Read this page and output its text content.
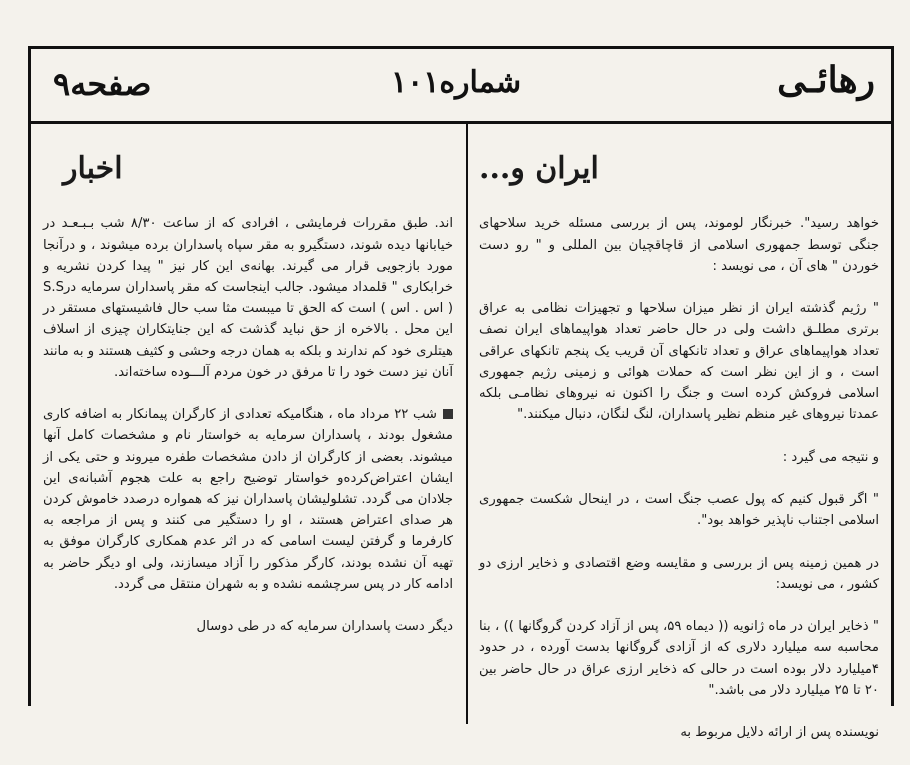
صفحه۹	شماره۱۰۱	رهائـی

اخبار

اند. طبق مقررات فرمایشی ، افرادی که از ساعت ۸/۳۰ شب بـبـعـد در خیابانها دیده شوند، دستگیرو به مقر سپاه پاسداران برده میشوند ، و درآنجا مورد بازجویی قرار می گیرند. بهانه‌ی این کار نیز " پیدا کردن نشریه و خرابکاری " قلمداد میشود. جالب اینجاست که مقر پاسداران سرمایه درS.S ( اس . اس ) است که الحق تا میبست مثا سب حال فاشیستهای مستقر در این محل . بالاخره از حق نباید گذشت که این جنایتکاران چیزی از اسلاف هیتلری خود کم ندارند و بلکه به همان درجه وحشی و کثیف هستند و به مانند آنان نیز دست خود را تا مرفق در خون مردم آلـــوده ساخته‌اند.

شب ۲۲ مرداد ماه ، هنگامیکه تعدادی از کارگران پیمانکار به اضافه کاری مشغول بودند ، پاسداران سرمایه به خواستار نام و مشخصات کامل آنها میشوند. بعضی از کارگران از دادن مشخصات طفره میروند و حتی یکی از ایشان اعتراض‌کرده‌و خواستار توضیح راجع به علت هجوم آشبانه‌ی این جلادان می گردد. تشلولیشان پاسداران نیز که همواره درصدد خاموش کردن هر صدای اعتراض هستند ، او را دستگیر می کنند و پس از مراجعه به کارفرما و گرفتن لیست اسامی که در اثر عدم همکاری کارگران موفق به تهیه آن نشده بودند، کارگر مذکور را آزاد میسازند، ولی او دیگر حاضر به ادامه کار در پس سرچشمه نشده و به شهران منتقل می گردد.

دیگر دست پاسداران سرمایه که در طی دوسال

ایران و...

خواهد رسید". خبرنگار لوموند، پس از بررسی مسئله خرید سلاحهای جنگی توسط جمهوری اسلامی از قاچاقچیان بین المللی و " رو دست خوردن " های آن ، می نویسد :

" رژیم گذشته ایران از نظر میزان سلاحها و تجهیزات نظامی به عراق برتری مطلـق داشت ولی در حال حاضر تعداد هواپیماهای ایران نصف تعداد هواپیماهای عراق و تعداد تانکهای آن قریب یک پنجم تانکهای عراقی است ، و از این نظر است که حملات هوائی و زمینی رژیم جمهوری اسلامی فروکش کرده است و جنگ را اکنون نه نیروهای نظامـی بلکه عمدتا نیروهای غیر منظم نظیر پاسداران، لنگ لنگان، دنبال میکنند."

و نتیجه می گیرد :

" اگر قبول کنیم که پول عصب جنگ است ، در اینحال شکست جمهوری اسلامی اجتناب ناپذیر خواهد بود".

در همین زمینه پس از بررسی و مقایسه وضع اقتصادی و ذخایر ارزی دو کشور ، می نویسد:

" ذخایر ایران در ماه ژانویه (( دیماه ۵۹، پس از آزاد کردن گروگانها )) ، بنا محاسبه سه میلیارد دلاری که از آزادی گروگانها بدست آورده ، در حدود ۴میلیارد دلار بوده است در حالی که ذخایر ارزی عراق در حال حاضر بین ۲۰ تا ۲۵ میلیارد دلار می باشد."

نویسنده پس از ارائه دلایل مربوط به
